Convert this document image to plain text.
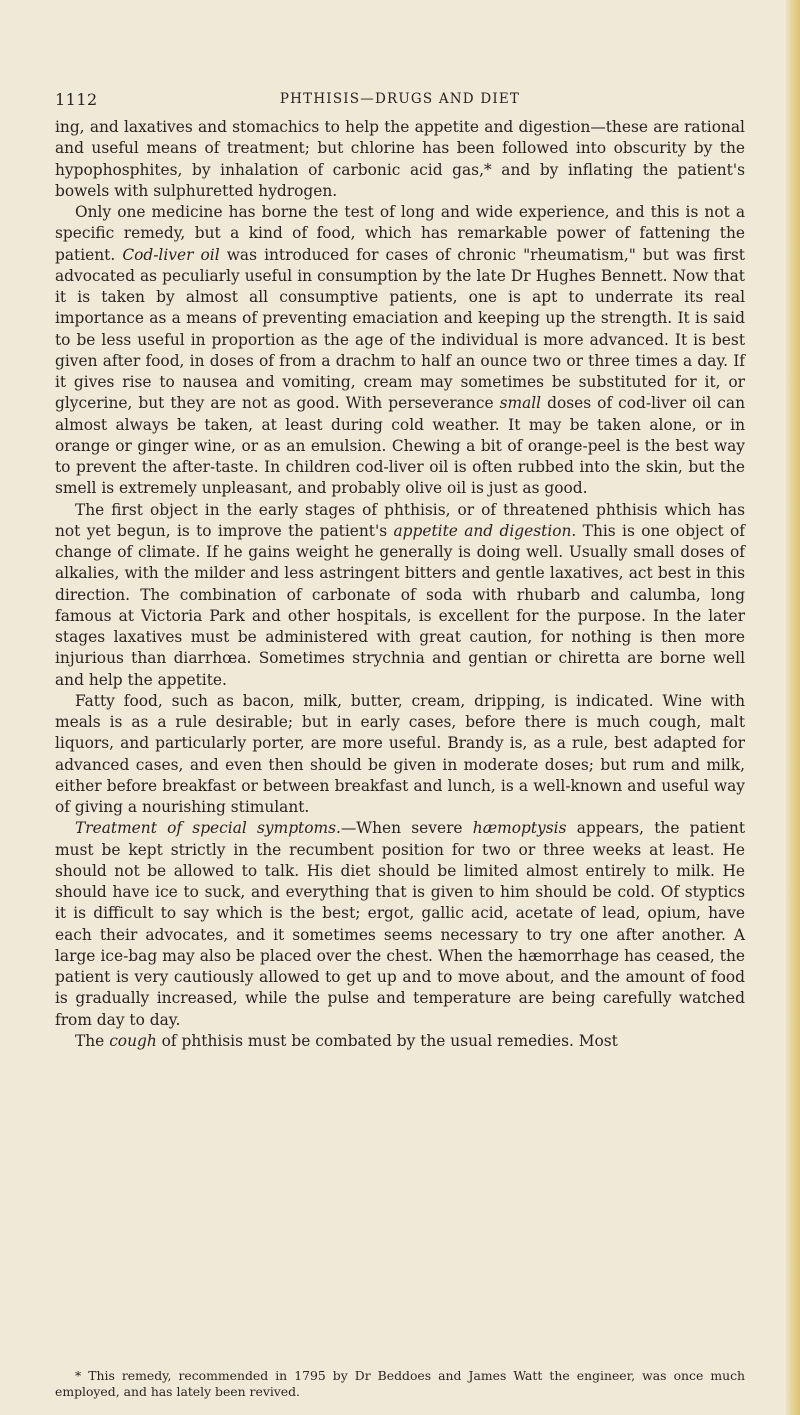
1112	PHTHISIS—DRUGS AND DIET

ing, and laxatives and stomachics to help the appetite and digestion—these are rational and useful means of treatment; but chlorine has been followed into obscurity by the hypophosphites, by inhalation of carbonic acid gas,* and by inflating the patient's bowels with sulphuretted hydrogen.

Only one medicine has borne the test of long and wide experience, and this is not a specific remedy, but a kind of food, which has remarkable power of fattening the patient. Cod-liver oil was introduced for cases of chronic "rheumatism," but was first advocated as peculiarly useful in consumption by the late Dr Hughes Bennett. Now that it is taken by almost all consumptive patients, one is apt to underrate its real importance as a means of preventing emaciation and keeping up the strength. It is said to be less useful in proportion as the age of the individual is more advanced. It is best given after food, in doses of from a drachm to half an ounce two or three times a day. If it gives rise to nausea and vomiting, cream may sometimes be substituted for it, or glycerine, but they are not as good. With perseverance small doses of cod-liver oil can almost always be taken, at least during cold weather. It may be taken alone, or in orange or ginger wine, or as an emulsion. Chewing a bit of orange-peel is the best way to prevent the after-taste. In children cod-liver oil is often rubbed into the skin, but the smell is extremely unpleasant, and probably olive oil is just as good.

The first object in the early stages of phthisis, or of threatened phthisis which has not yet begun, is to improve the patient's appetite and digestion. This is one object of change of climate. If he gains weight he generally is doing well. Usually small doses of alkalies, with the milder and less astringent bitters and gentle laxatives, act best in this direction. The combination of carbonate of soda with rhubarb and calumba, long famous at Victoria Park and other hospitals, is excellent for the purpose. In the later stages laxatives must be administered with great caution, for nothing is then more injurious than diarrhœa. Sometimes strychnia and gentian or chiretta are borne well and help the appetite.

Fatty food, such as bacon, milk, butter, cream, dripping, is indicated. Wine with meals is as a rule desirable; but in early cases, before there is much cough, malt liquors, and particularly porter, are more useful. Brandy is, as a rule, best adapted for advanced cases, and even then should be given in moderate doses; but rum and milk, either before breakfast or between breakfast and lunch, is a well-known and useful way of giving a nourishing stimulant.

Treatment of special symptoms.—When severe hæmoptysis appears, the patient must be kept strictly in the recumbent position for two or three weeks at least. He should not be allowed to talk. His diet should be limited almost entirely to milk. He should have ice to suck, and everything that is given to him should be cold. Of styptics it is difficult to say which is the best; ergot, gallic acid, acetate of lead, opium, have each their advocates, and it sometimes seems necessary to try one after another. A large ice-bag may also be placed over the chest. When the hæmorrhage has ceased, the patient is very cautiously allowed to get up and to move about, and the amount of food is gradually increased, while the pulse and temperature are being carefully watched from day to day.

The cough of phthisis must be combated by the usual remedies. Most

* This remedy, recommended in 1795 by Dr Beddoes and James Watt the engineer, was once much employed, and has lately been revived.
